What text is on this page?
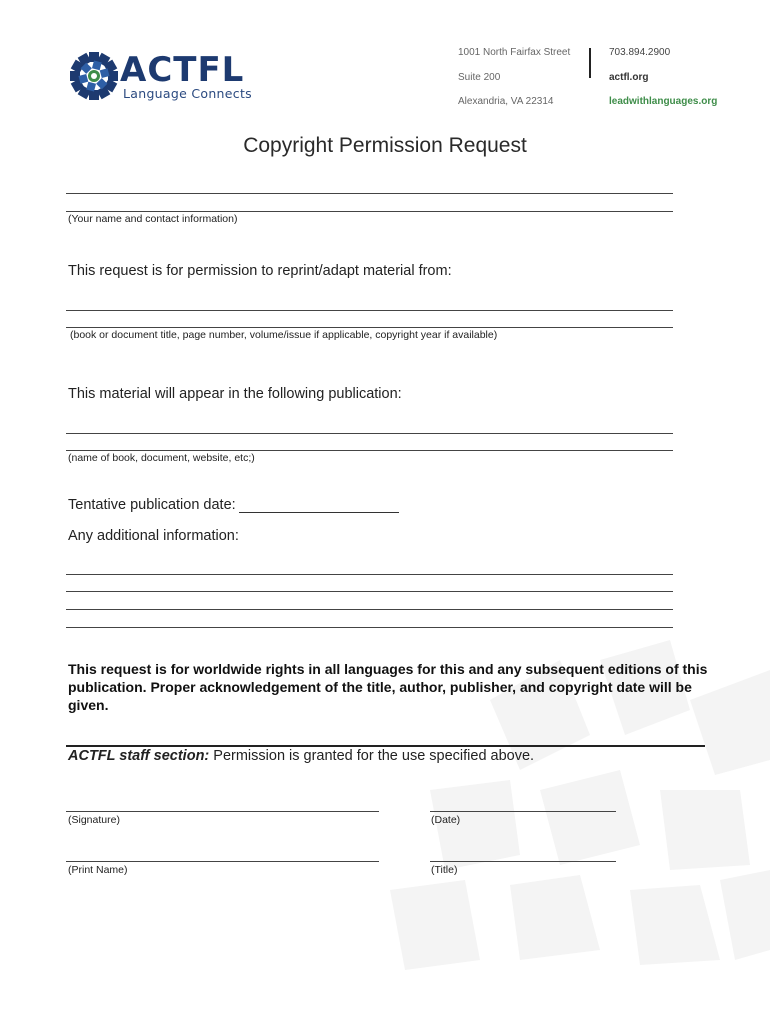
ACTFL
Language Connects
1001 North Fairfax Street
Suite 200
Alexandria, VA 22314
703.894.2900
actfl.org
leadwithlanguages.org
Copyright Permission Request
(Your name and contact information)
This request is for permission to reprint/adapt material from:
(book or document title, page number, volume/issue if applicable, copyright year if available)
This material will appear in the following publication:
(name of book, document, website, etc;)
Tentative publication date:
Any additional information:
This request is for worldwide rights in all languages for this and any subsequent editions of this publication. Proper acknowledgement of the title, author, publisher, and copyright date will be given.
ACTFL staff section: Permission is granted for the use specified above.
(Signature)	(Date)
(Print Name)	(Title)
